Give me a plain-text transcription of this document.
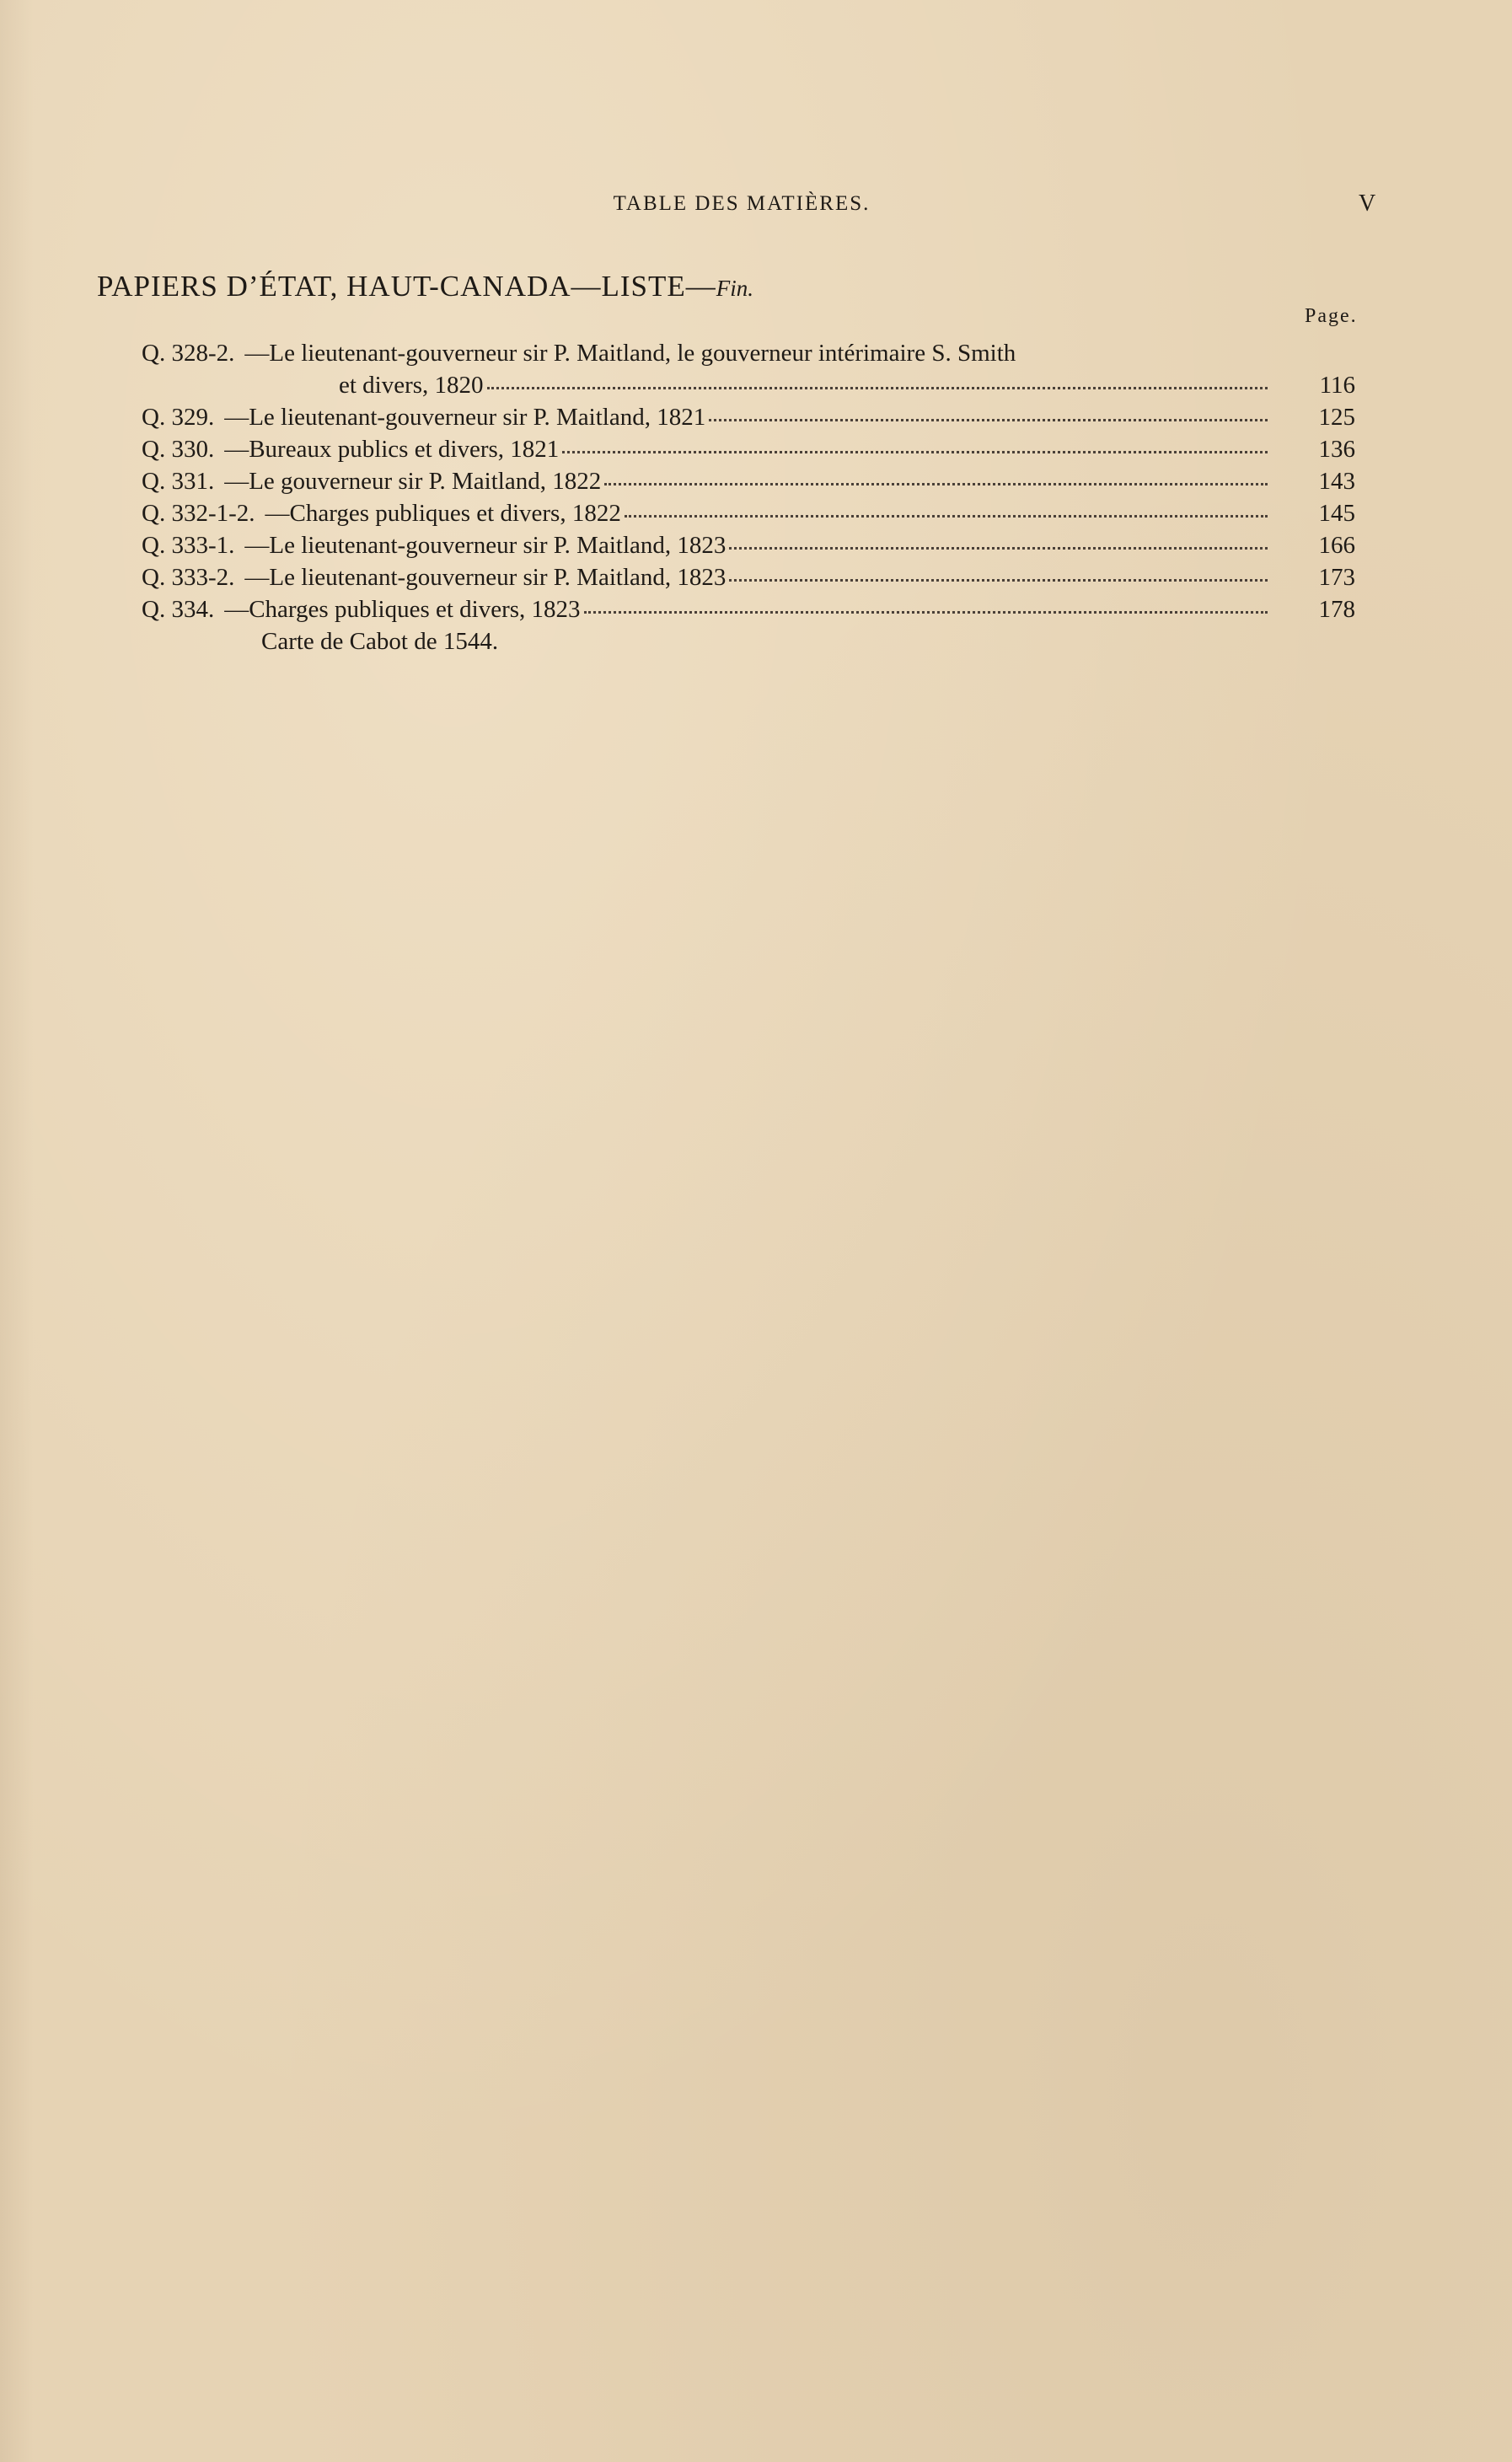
TABLE DES MATIÈRES.	V
PAPIERS D’ÉTAT, HAUT-CANADA—LISTE—Fin.
Page.
Q. 328-2. —Le lieutenant-gouverneur sir P. Maitland, le gouverneur intérimaire S. Smith
et divers, 1820	116
Q. 329. —Le lieutenant-gouverneur sir P. Maitland, 1821	125
Q. 330. —Bureaux publics et divers, 1821	136
Q. 331. —Le gouverneur sir P. Maitland, 1822	143
Q. 332-1-2. —Charges publiques et divers, 1822	145
Q. 333-1. —Le lieutenant-gouverneur sir P. Maitland, 1823	166
Q. 333-2. —Le lieutenant-gouverneur sir P. Maitland, 1823	173
Q. 334. —Charges publiques et divers, 1823	178
Carte de Cabot de 1544.
